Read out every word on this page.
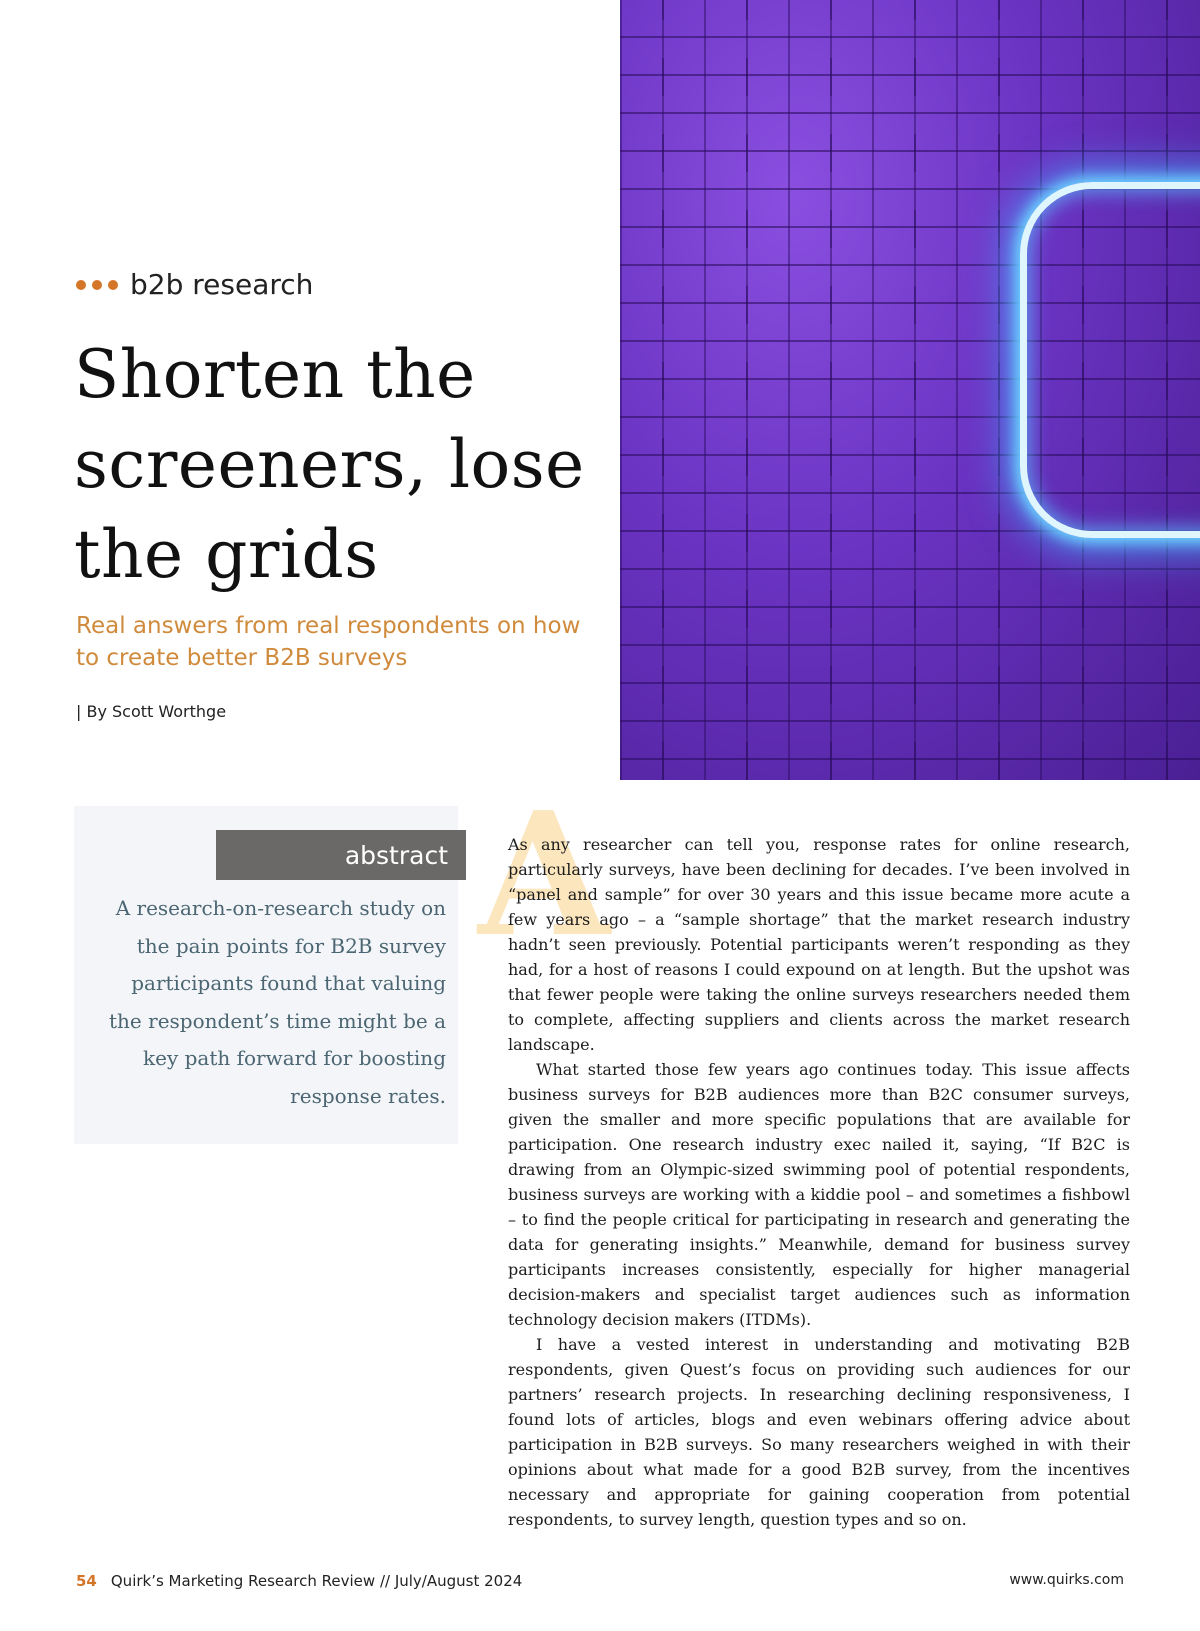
b2b research
Shorten the screeners, lose the grids

Real answers from real respondents on how to create better B2B surveys

| By Scott Worthge
abstract

A research-on-research study on the pain points for B2B survey participants found that valuing the respondent’s time might be a key path forward for boosting response rates.

A

As any researcher can tell you, response rates for online research, particularly surveys, have been declining for decades. I’ve been involved in “panel and sample” for over 30 years and this issue became more acute a few years ago – a “sample shortage” that the market research industry hadn’t seen previously. Potential participants weren’t responding as they had, for a host of reasons I could expound on at length. But the upshot was that fewer people were taking the online surveys researchers needed them to complete, affecting suppliers and clients across the market research landscape.

What started those few years ago continues today. This issue affects business surveys for B2B audiences more than B2C consumer surveys, given the smaller and more specific populations that are available for participation. One research industry exec nailed it, saying, “If B2C is drawing from an Olympic-sized swimming pool of potential respondents, business surveys are working with a kiddie pool – and sometimes a fishbowl – to find the people critical for participating in research and generating the data for generating insights.” Meanwhile, demand for business survey participants increases consistently, especially for higher managerial decision-makers and specialist target audiences such as information technology decision makers (ITDMs).

I have a vested interest in understanding and motivating B2B respondents, given Quest’s focus on providing such audiences for our partners’ research projects. In researching declining responsiveness, I found lots of articles, blogs and even webinars offering advice about participation in B2B surveys. So many researchers weighed in with their opinions about what made for a good B2B survey, from the incentives necessary and appropriate for gaining cooperation from potential respondents, to survey length, question types and so on.

54 Quirk’s Marketing Research Review // July/August 2024	www.quirks.com
